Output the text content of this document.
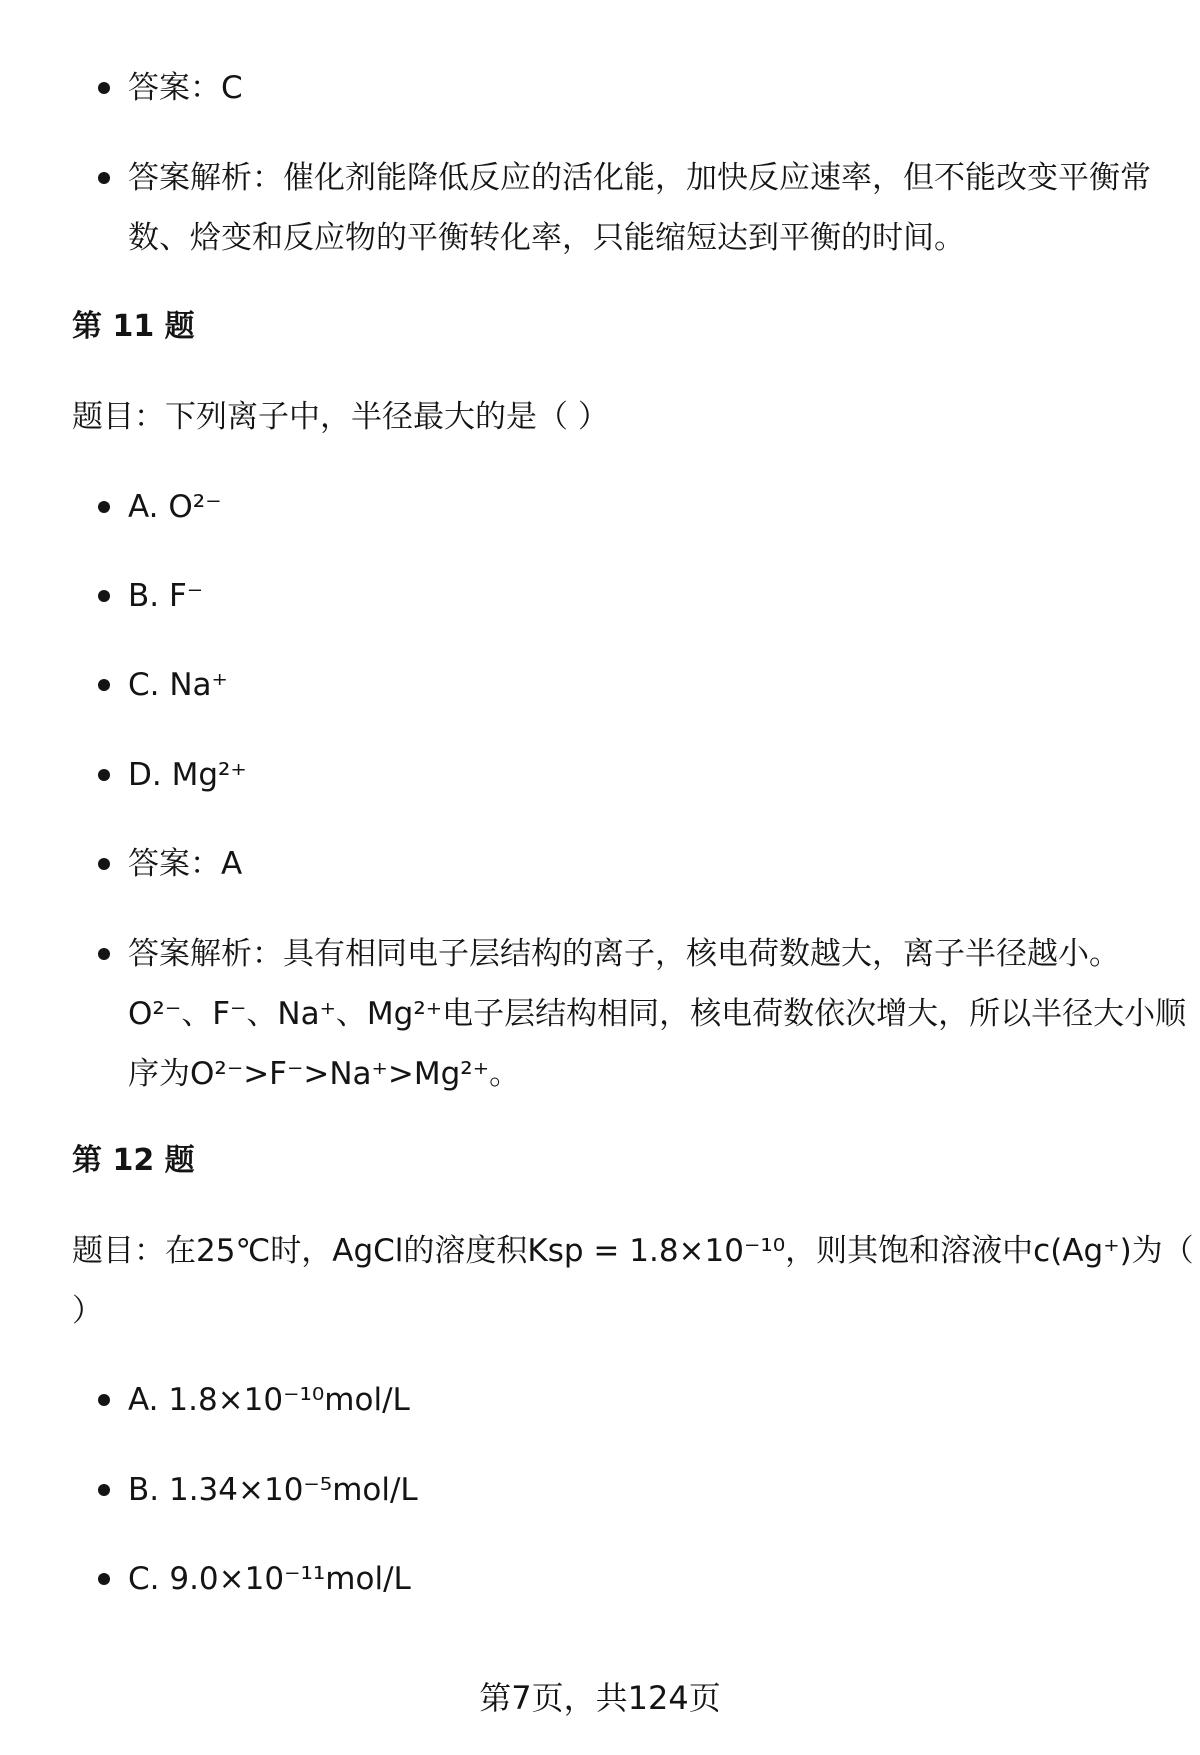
答案：C
答案解析：催化剂能降低反应的活化能，加快反应速率，但不能改变平衡常
数、焓变和反应物的平衡转化率，只能缩短达到平衡的时间。
第 11 题
题目：下列离子中，半径最大的是（ ）
A. O²⁻
B. F⁻
C. Na⁺
D. Mg²⁺
答案：A
答案解析：具有相同电子层结构的离子，核电荷数越大，离子半径越小。
O²⁻、F⁻、Na⁺、Mg²⁺电子层结构相同，核电荷数依次增大，所以半径大小顺
序为O²⁻>F⁻>Na⁺>Mg²⁺。
第 12 题
题目：在25℃时，AgCl的溶度积Ksp = 1.8×10⁻¹⁰，则其饱和溶液中c(Ag⁺)为（
）
A. 1.8×10⁻¹⁰mol/L
B. 1.34×10⁻⁵mol/L
C. 9.0×10⁻¹¹mol/L
第7页，共124页
